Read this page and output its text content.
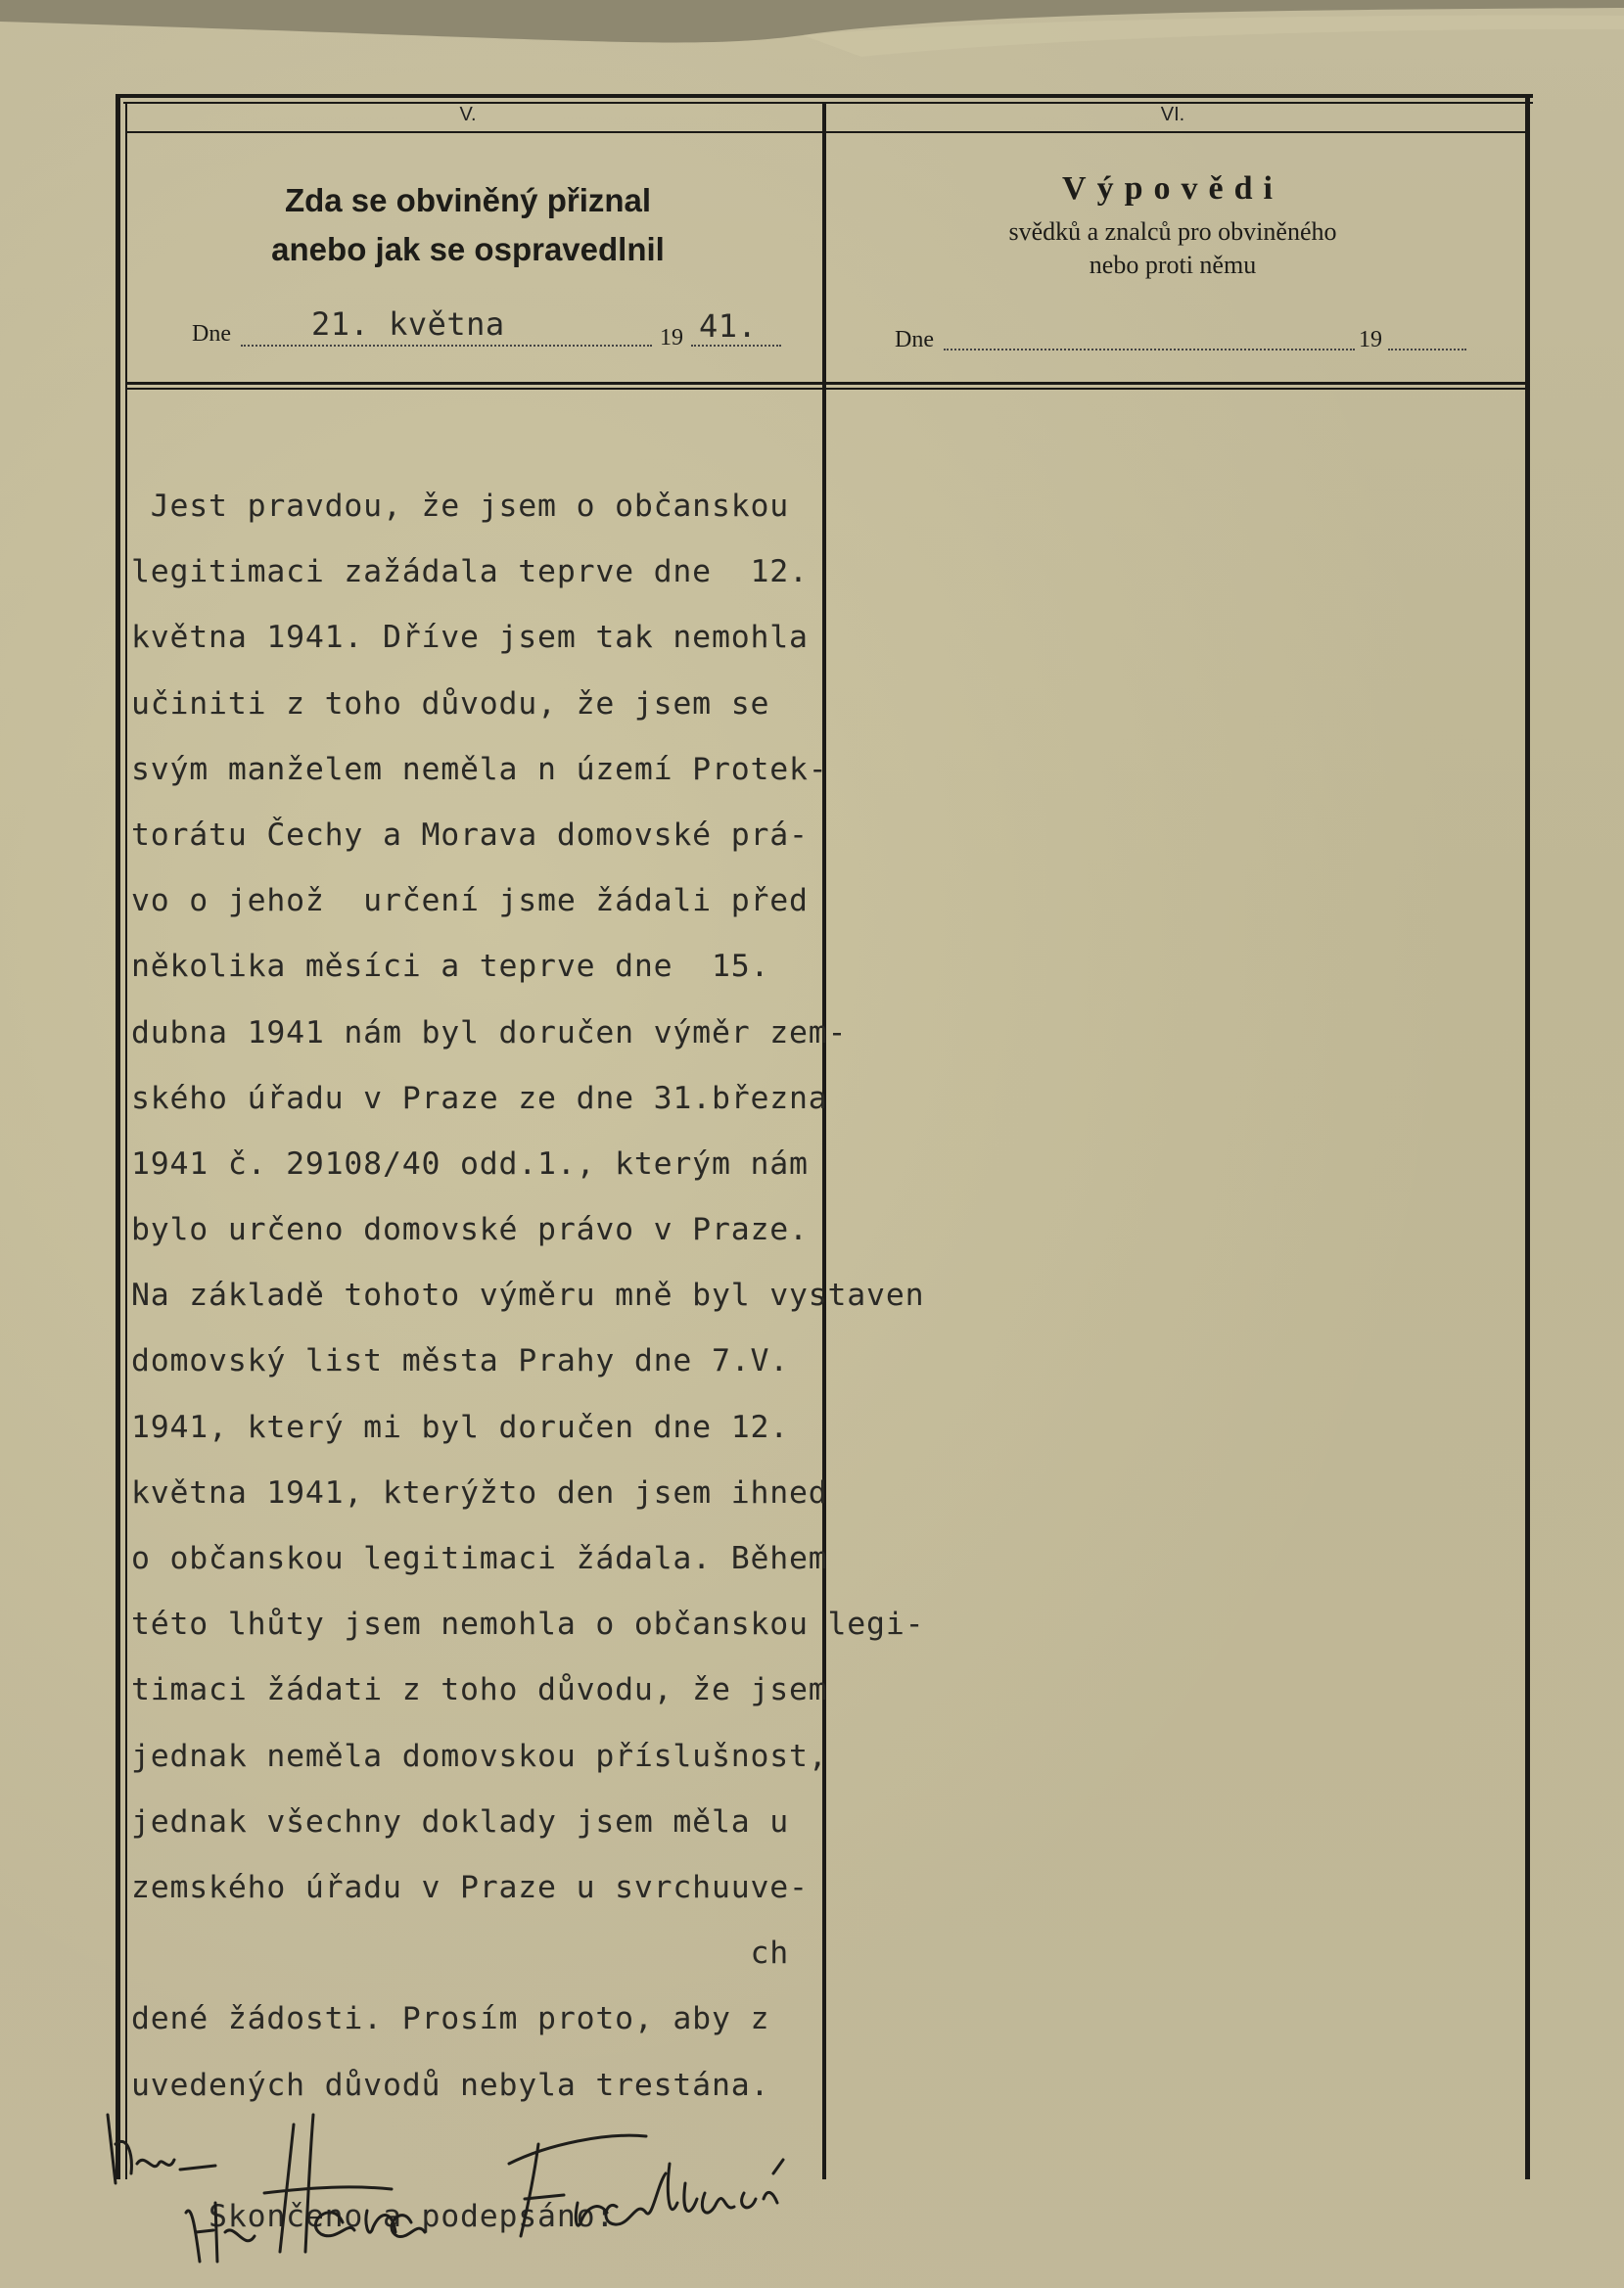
V.	VI.
Zda se obviněný přiznal
anebo jak se ospravedlnil
Dne	21. května	19 41.
Výpovědi
svědků a znalců pro obviněného
nebo proti němu
Dne	19
Jest pravdou, že jsem o občanskou
legitimaci zažádala teprve dne  12.
května 1941. Dříve jsem tak nemohla
učiniti z toho důvodu, že jsem se
svým manželem neměla n území Protek-
torátu Čechy a Morava domovské prá-
vo o jehož  určení jsme žádali před
několika měsíci a teprve dne  15.
dubna 1941 nám byl doručen výměr zem-
ského úřadu v Praze ze dne 31.března
1941 č. 29108/40 odd.1., kterým nám
bylo určeno domovské právo v Praze.
Na základě tohoto výměru mně byl vystaven
domovský list města Prahy dne 7.V.
1941, který mi byl doručen dne 12.
května 1941, kterýžto den jsem ihned
o občanskou legitimaci žádala. Během
této lhůty jsem nemohla o občanskou legi-
timaci žádati z toho důvodu, že jsem
jednak neměla domovskou příslušnost,
jednak všechny doklady jsem měla u
zemského úřadu v Praze u svrchuuve-
ch
dené žádosti. Prosím proto, aby z
uvedených důvodů nebyla trestána.
Skončeno a podepsáno:
